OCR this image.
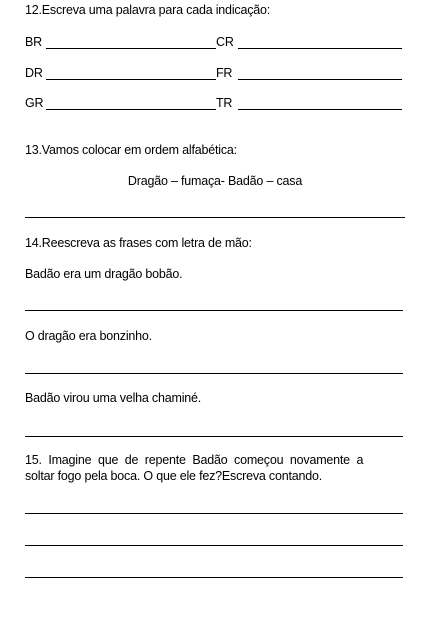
12.Escreva uma palavra para cada indicação:
BR	CR
DR	FR
GR	TR
13.Vamos colocar em ordem alfabética:
Dragão – fumaça- Badão – casa
14.Reescreva as frases com letra de mão:
Badão era um dragão bobão.
O dragão era bonzinho.
Badão virou uma velha chaminé.
15.  Imagine  que  de  repente  Badão  começou  novamente  a
soltar fogo pela boca. O que ele fez?Escreva contando.
